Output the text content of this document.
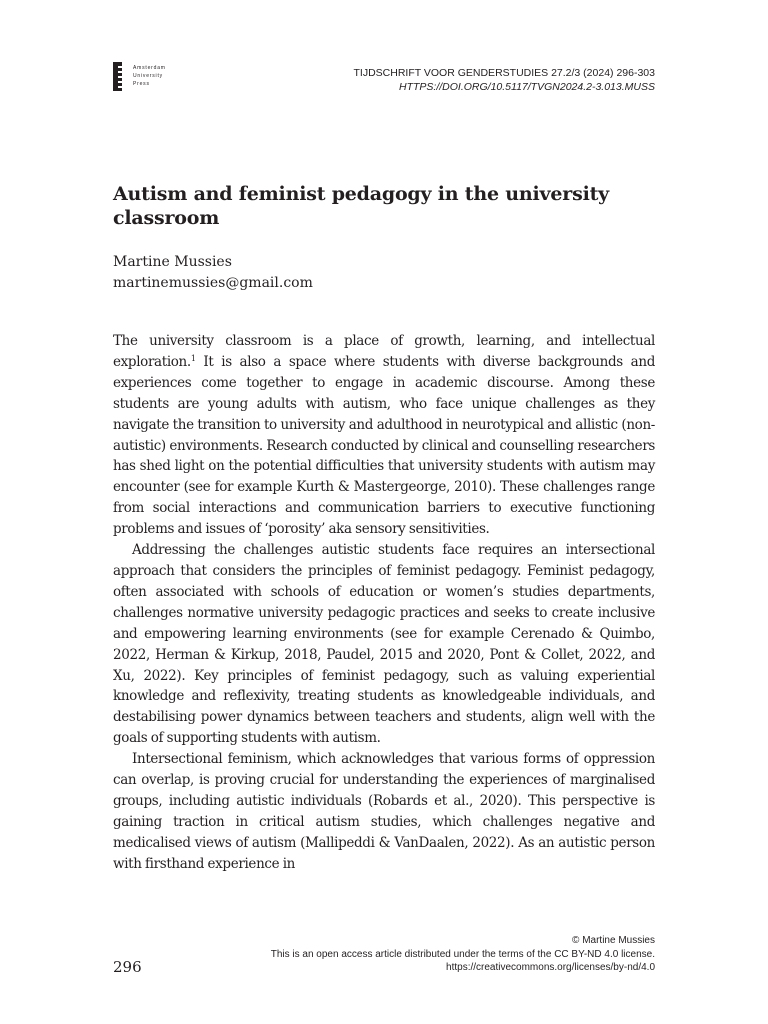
Amsterdam
University
Press
TIJDSCHRIFT VOOR GENDERSTUDIES 27.2/3 (2024) 296-303
HTTPS://DOI.ORG/10.5117/TVGN2024.2-3.013.MUSS
Autism and feminist pedagogy in the university classroom
Martine Mussies
martinemussies@gmail.com

The university classroom is a place of growth, learning, and intellectual exploration.$^1$ It is also a space where students with diverse backgrounds and experiences come together to engage in academic discourse. Among these students are young adults with autism, who face unique challenges as they navigate the transition to university and adulthood in neurotypical and allistic (non-autistic) environments. Research conducted by clinical and counselling researchers has shed light on the potential difficulties that university students with autism may encounter (see for example Kurth & Mastergeorge, 2010). These challenges range from social interactions and communication barriers to executive functioning problems and issues of ‘porosity’ aka sensory sensitivities.

Addressing the challenges autistic students face requires an intersectional approach that considers the principles of feminist pedagogy. Feminist pedagogy, often associated with schools of education or women’s studies departments, challenges normative university pedagogic practices and seeks to create inclusive and empowering learning environments (see for example Cerenado & Quimbo, 2022, Herman & Kirkup, 2018, Paudel, 2015 and 2020, Pont & Collet, 2022, and Xu, 2022). Key principles of feminist pedagogy, such as valuing experiential knowledge and reflexivity, treating students as knowledgeable individuals, and destabilising power dynamics between teachers and students, align well with the goals of supporting students with autism.

Intersectional feminism, which acknowledges that various forms of oppression can overlap, is proving crucial for understanding the experiences of marginalised groups, including autistic individuals (Robards et al., 2020). This perspective is gaining traction in critical autism studies, which challenges negative and medicalised views of autism (Mallipeddi & VanDaalen, 2022). As an autistic person with firsthand experience in

296
© Martine Mussies
This is an open access article distributed under the terms of the CC BY-ND 4.0 license.
https://creativecommons.org/licenses/by-nd/4.0
